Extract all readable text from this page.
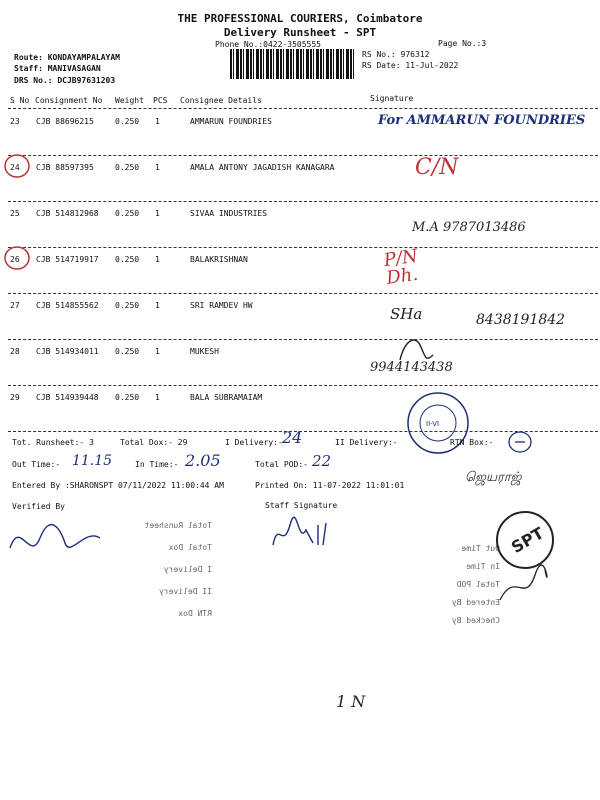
THE PROFESSIONAL COURIERS, Coimbatore
Delivery Runsheet - SPT
Phone No.:0422-3505555	Page No.:3
Route: KONDAYAMPALAYAM
Staff: MANIVASAGAN
DRS No.: DCJB97631203
RS No.: 976312
RS Date: 11-Jul-2022
S No Consignment No Weight PCS Consignee Details	Signature
23 CJB 88696215	0.250 1	AMMARUN FOUNDRIES
24 CJB 88597395	0.250 1	AMALA ANTONY JAGADISH KANAGARA
25 CJB 514812968 0.250 1	SIVAA INDUSTRIES
26 CJB 514719917 0.250 1	BALAKRISHNAN
27 CJB 514855562 0.250 1	SRI RAMDEV HW
28 CJB 514934011 0.250 1	MUKESH
29 CJB 514939448 0.250 1	BALA SUBRAMAIAM
For AMMARUN FOUNDRIES
C/N
M.A 9787013486
P/N Dh.
SHa	8438191842
9944143438
II-VI
Tot. Runsheet:- 3	Total Dox:- 29	I Delivery:- 24	II Delivery:-	RTN Box:-
Out Time:- 11.15	In Time:- 2.05	Total POD:- 22
Entered By :SHARONSPT 07/11/2022 11:00:44 AM	Printed On: 11-07-2022 11:01:01
ஜெயராஜ்
Verified By	Staff Signature
Total Runsheet
Total Dox
I Delivery
II Delivery
RTN Dox
Out Time
In Time
Total POD
Entered By
Checked By
SPT
1 N
